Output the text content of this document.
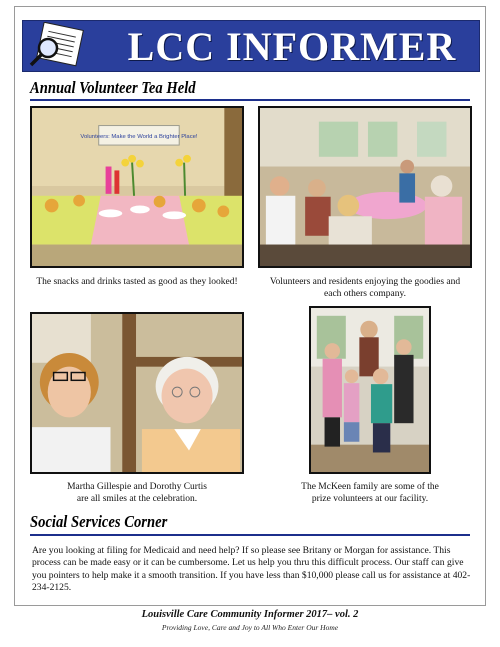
LCC INFORMER
Annual Volunteer Tea Held
Volunteers: Make the World a Brighter Place!
The snacks and drinks tasted as good as they looked!	Volunteers and residents enjoying the goodies and
each others company.
Martha Gillespie and Dorothy Curtis
are all smiles at the celebration.
The McKeen family are some of the
prize volunteers at our facility.
Social Services Corner
Are you looking at filing for Medicaid and need help? If so please see Britany or Morgan for assistance. This process can be made easy or it can be cumbersome. Let us help you thru this difficult process. Our staff can give you pointers to help make it a smooth transition. If you have less than $10,000 please call us for assistance at 402-234-2125.
Louisville Care Community Informer 2017– vol. 2
Providing Love, Care and Joy to All Who Enter Our Home
